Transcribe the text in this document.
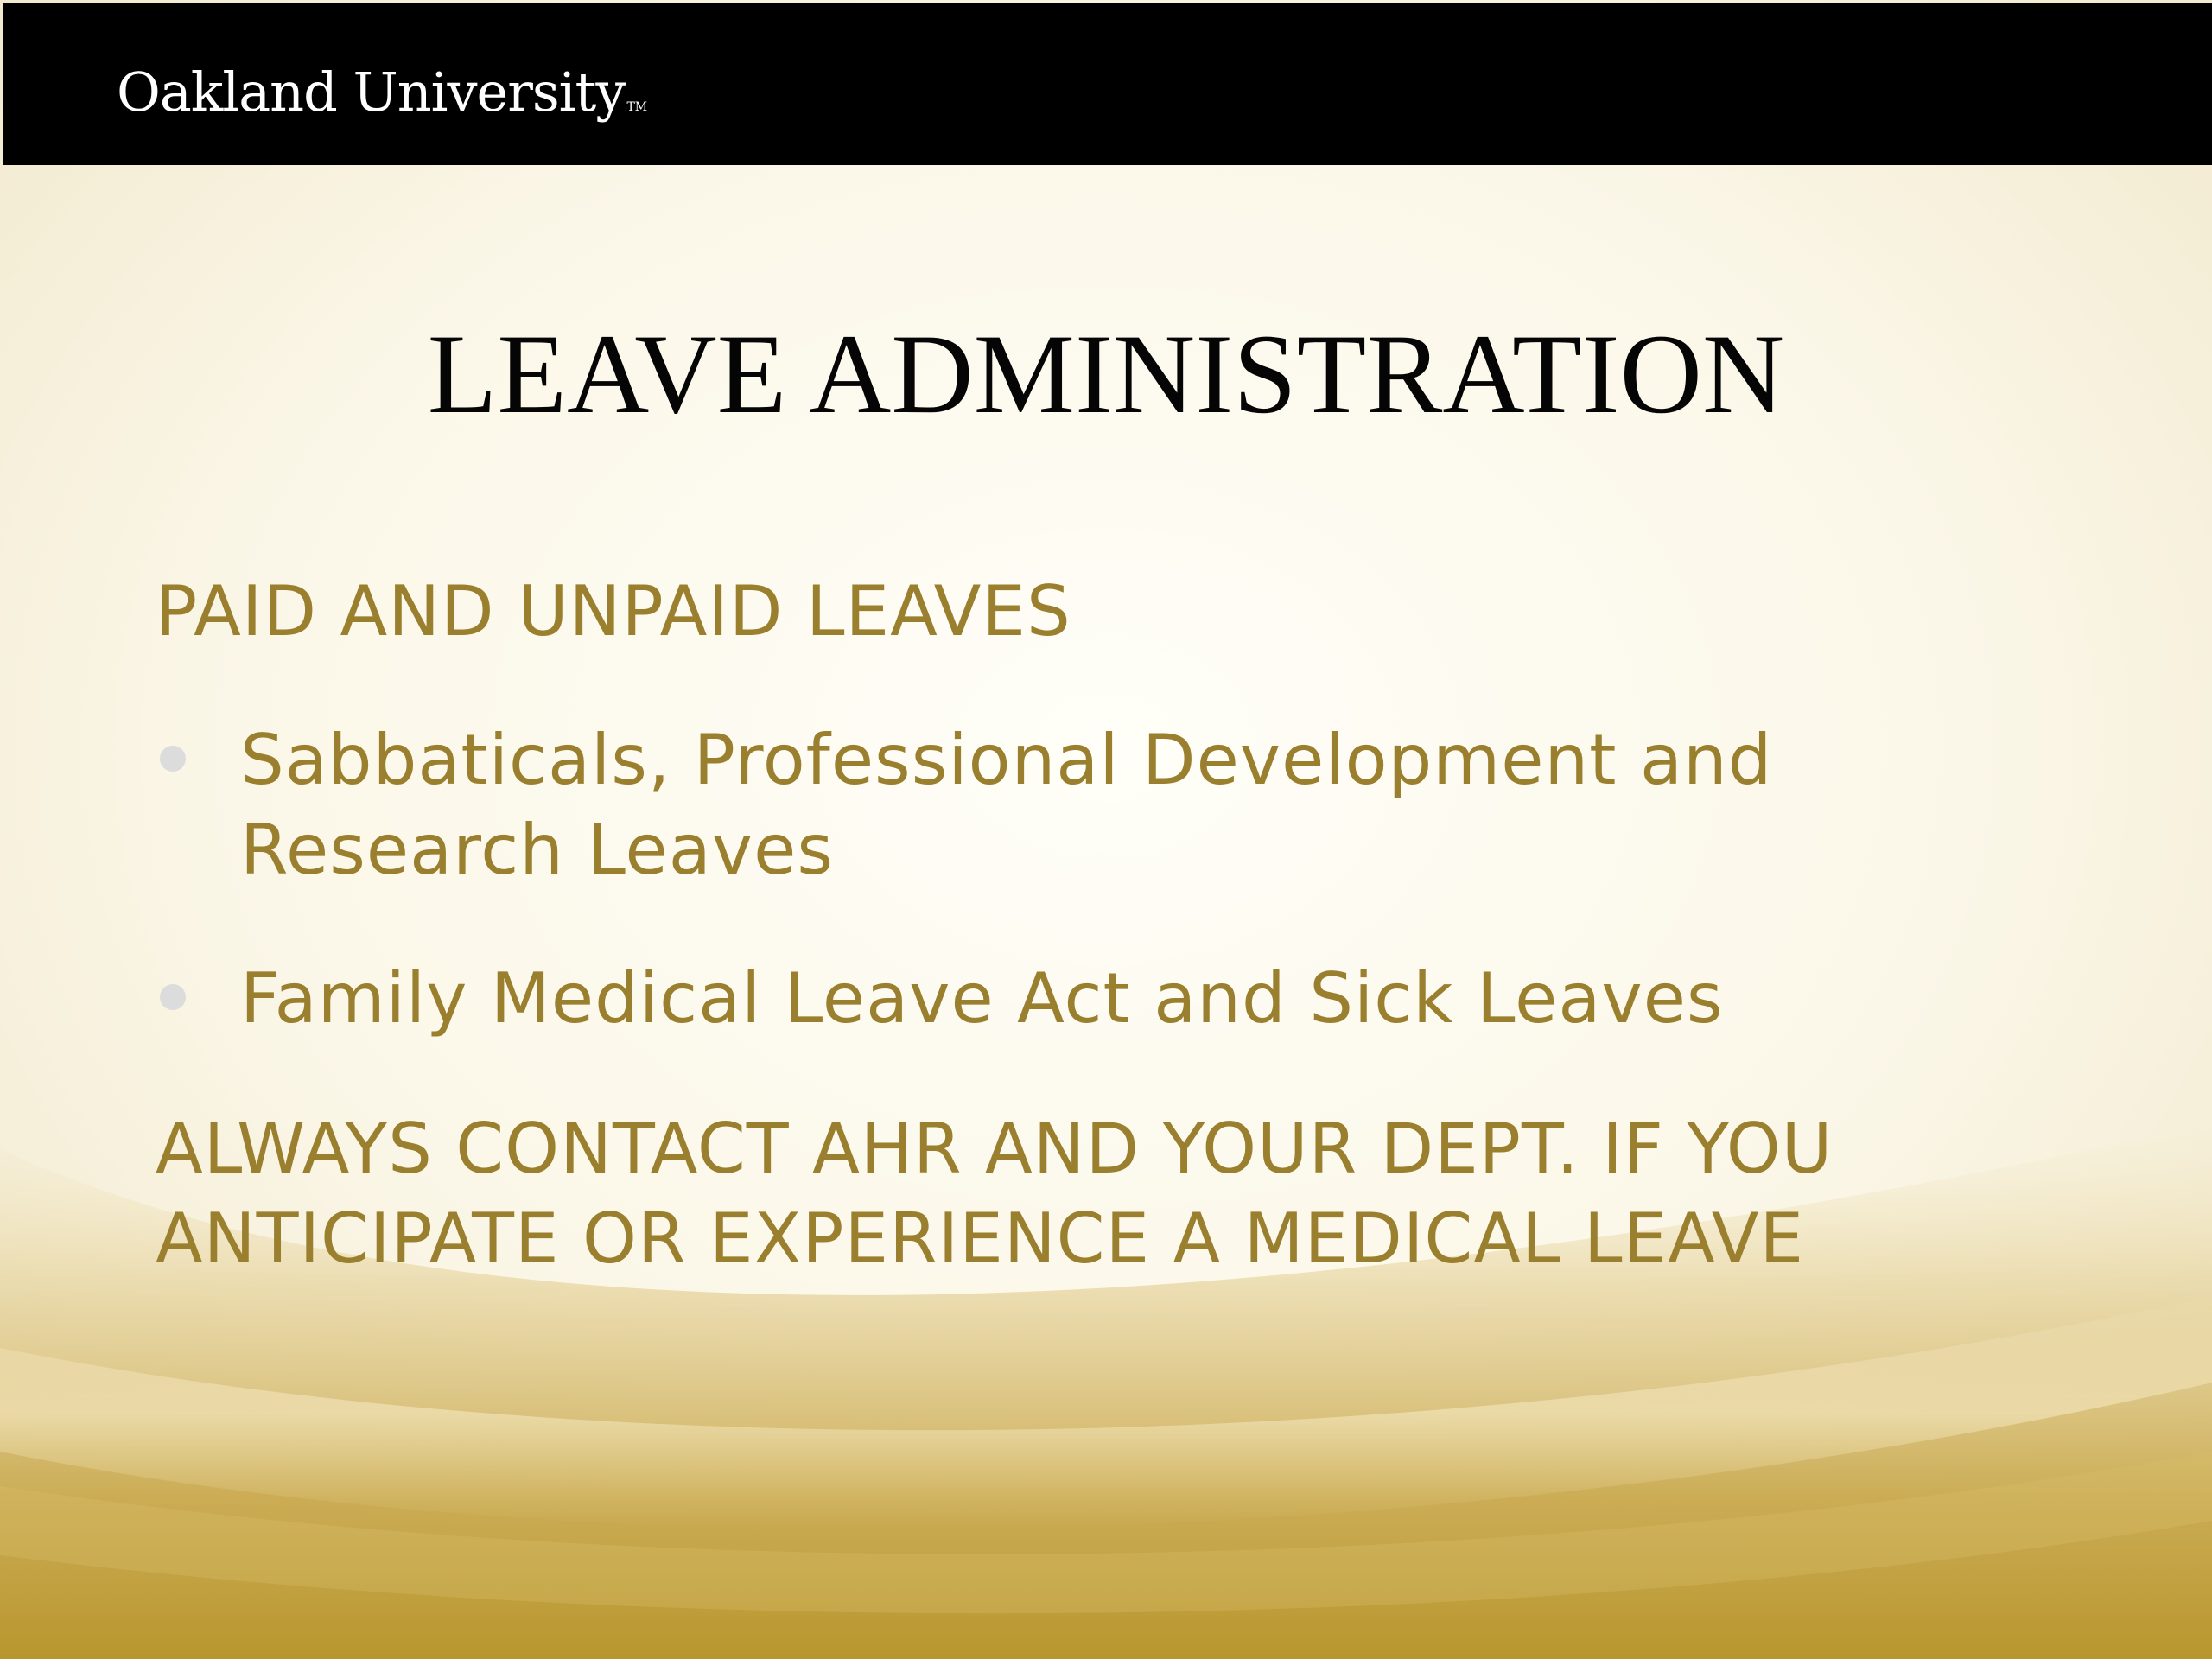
Oakland University TM
LEAVE ADMINISTRATION
PAID AND UNPAID LEAVES
Sabbaticals, Professional Development and
Research Leaves
Family Medical Leave Act and Sick Leaves
ALWAYS CONTACT AHR AND YOUR DEPT. IF YOU
ANTICIPATE OR EXPERIENCE A MEDICAL LEAVE
